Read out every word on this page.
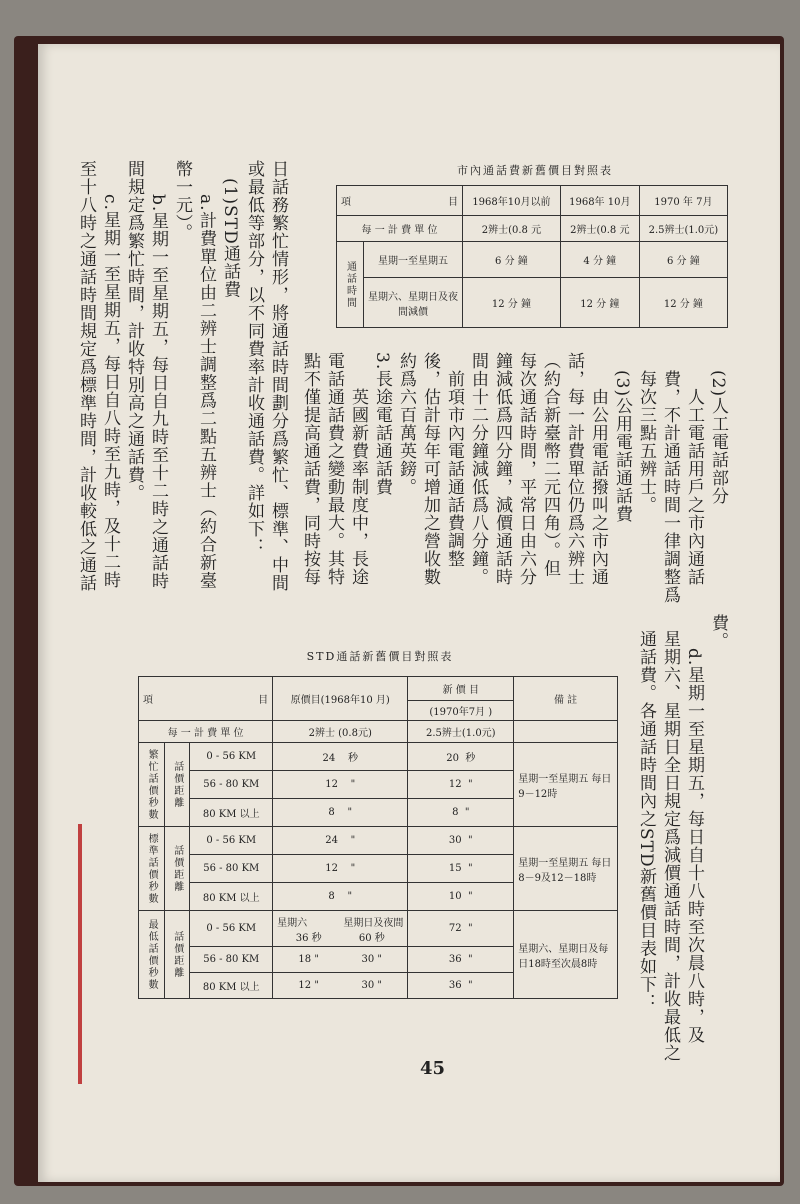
日話務繁忙情形，將通話時間劃分爲繁忙、標準、中間
或最低等部分，以不同費率計收通話費。詳如下：
(1)STD通話費
a.計費單位由二辨士調整爲二點五辨士（約合新臺
幣一元）。
b.星期一至星期五，每日自九時至十二時之通話時
間規定爲繁忙時間，計收特別高之通話費。
c.星期一至星期五，每日自八時至九時，及十二時
至十八時之通話時間規定爲標準時間，計收較低之通話	市內通話費新舊價目對照表
項 目		1968年10月以前	1968年 10月	1970 年 7月
每 一 計 費 單 位		2辨士(0.8 元	2辨士(0.8 元	2.5辨士(1.0元)

通話時間	星期一至星期五	6 分 鐘	4 分 鐘	6 分 鐘
	星期六、星期日及夜間減價	12 分 鐘	12 分 鐘	12 分 鐘
(2)人工電話部分
人工電話用戶之市內通話
費，不計通話時間一律調整爲
每次三點五辨士。
(3)公用電話通話費
由公用電話撥叫之市內通
話，每一計費單位仍爲六辨士
（約合新臺幣二元四角）。但
每次通話時間，平常日由六分
鐘減低爲四分鐘，減價通話時
間由十二分鐘減低爲八分鐘。
前項市內電話通話費調整
後，估計每年可增加之營收數
約爲六百萬英鎊。
3.長途電話通話費
英國新費率制度中，長途
電話通話費之變動最大。其特
點不僅提高通話費，同時按每
費。
d.星期一至星期五，每日自十八時至次晨八時，及
星期六、星期日全日規定爲減價通話時間，計收最低之
通話費。各通話時間內之STD新舊價目表如下：
STD通話新舊價目對照表
項 目			原價目(1968年10 月)	新 價 目	備 註
				(1970年7月 )	
每 一 計 費 單 位			2辨士 (0.8元)	2.5辨士(1.0元)	

繁忙話價秒數	話價距離	0 - 56 KM	24 秒	20 秒	星期一至星期五 每日9－12時
		56 - 80 KM	12 "	12 "	
		80 KM 以上	8 "	8 "	

標準話價秒數	話價距離	0 - 56 KM	24 "	30 "	星期一至星期五 每日8－9及12－18時
		56 - 80 KM	12 "	15 "	
		80 KM 以上	8 "	10 "	

最低話價秒數	話價距離	0 - 56 KM	星期六 星期日及夜間
36 秒 60 秒	72 "	星期六、星期日及每日18時至次晨8時
		56 - 80 KM	18 " 30 "	36 "	
		80 KM 以上	12 " 30 "	36 "	
45
